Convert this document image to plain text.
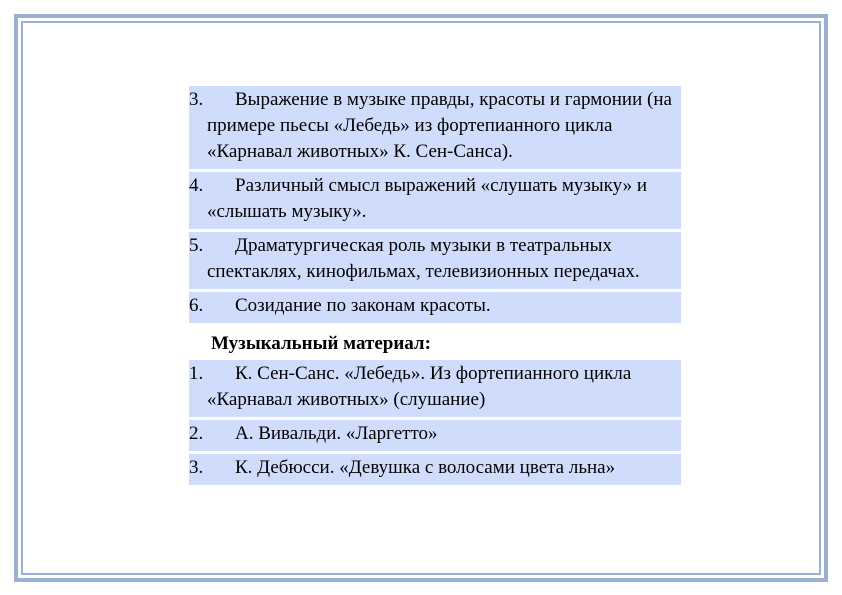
3. Выражение в музыке правды, красоты и гармонии (на примере пьесы «Лебедь» из фортепианного цикла «Карнавал животных» К. Сен-Санса).
4. Различный смысл выражений «слушать музыку» и «слышать музыку».
5. Драматургическая роль музыки в театральных спектаклях, кинофильмах, телевизионных передачах.
6. Созидание по законам красоты.
Музыкальный материал:
1. К. Сен-Санс. «Лебедь». Из фортепианного цикла «Карнавал животных» (слушание)
2. А. Вивальди. «Ларгетто»
3. К. Дебюсси. «Девушка с волосами цвета льна»
